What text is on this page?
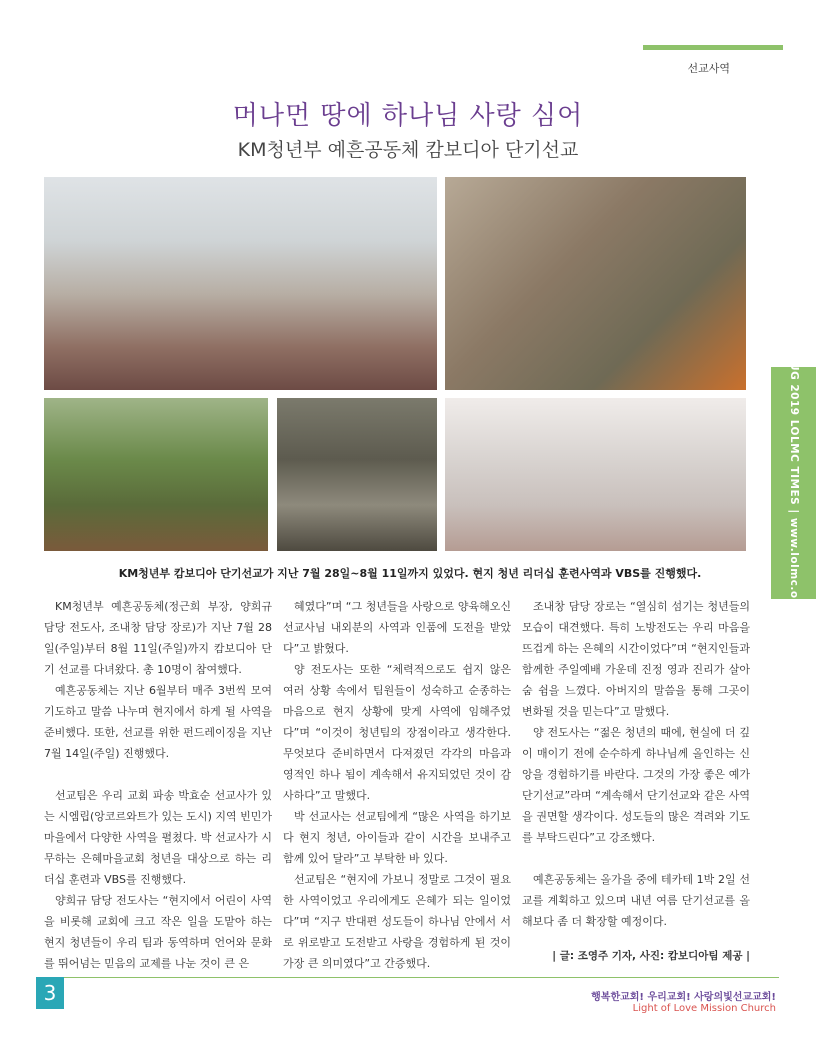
선교사역
머나먼 땅에 하나님 사랑 심어
KM청년부 예흔공동체 캄보디아 단기선교
AUG 2019 LOLMC TIMES | www.lolmc.org
KM청년부 캄보디아 단기선교가 지난 7월 28일~8월 11일까지 있었다. 현지 청년 리더십 훈련사역과 VBS를 진행했다.

KM청년부 예흔공동체(정근희 부장, 양희규 담당 전도사, 조내창 담당 장로)가 지난 7월 28일(주일)부터 8월 11일(주일)까지 캄보디아 단기 선교를 다녀왔다. 총 10명이 참여했다.

예흔공동체는 지난 6월부터 매주 3번씩 모여 기도하고 말씀 나누며 현지에서 하게 될 사역을 준비했다. 또한, 선교를 위한 펀드레이징을 지난 7월 14일(주일) 진행했다.

선교팀은 우리 교회 파송 박효순 선교사가 있는 시엠립(앙코르와트가 있는 도시) 지역 빈민가 마을에서 다양한 사역을 펼쳤다. 박 선교사가 시무하는 은혜마을교회 청년을 대상으로 하는 리더십 훈련과 VBS를 진행했다.

양희규 담당 전도사는 “현지에서 어린이 사역을 비롯해 교회에 크고 작은 일을 도맡아 하는 현지 청년들이 우리 팀과 동역하며 언어와 문화를 뛰어넘는 믿음의 교제를 나눈 것이 큰 은

혜였다”며 “그 청년들을 사랑으로 양육해오신 선교사님 내외분의 사역과 인품에 도전을 받았다”고 밝혔다.

양 전도사는 또한 “체력적으로도 쉽지 않은 여러 상황 속에서 팀원들이 성숙하고 순종하는 마음으로 현지 상황에 맞게 사역에 임해주었다”며 “이것이 청년팀의 장점이라고 생각한다. 무엇보다 준비하면서 다져졌던 각각의 마음과 영적인 하나 됨이 계속해서 유지되었던 것이 감사하다”고 말했다.

박 선교사는 선교팀에게 “많은 사역을 하기보다 현지 청년, 아이들과 같이 시간을 보내주고 함께 있어 달라”고 부탁한 바 있다.

선교팀은 “현지에 가보니 정말로 그것이 필요한 사역이었고 우리에게도 은혜가 되는 일이었다”며 “지구 반대편 성도들이 하나님 안에서 서로 위로받고 도전받고 사랑을 경험하게 된 것이 가장 큰 의미였다”고 간증했다.

조내창 담당 장로는 “열심히 섬기는 청년들의 모습이 대견했다. 특히 노방전도는 우리 마음을 뜨겁게 하는 은혜의 시간이었다”며 “현지인들과 함께한 주일예배 가운데 진정 영과 진리가 살아 숨 쉼을 느꼈다. 아버지의 말씀을 통해 그곳이 변화될 것을 믿는다”고 말했다.

양 전도사는 “젊은 청년의 때에, 현실에 더 깊이 매이기 전에 순수하게 하나님께 올인하는 신앙을 경험하기를 바란다. 그것의 가장 좋은 예가 단기선교”라며 “계속해서 단기선교와 같은 사역을 권면할 생각이다. 성도들의 많은 격려와 기도를 부탁드린다”고 강조했다.

예흔공동체는 올가을 중에 테카테 1박 2일 선교를 계획하고 있으며 내년 여름 단기선교를 올해보다 좀 더 확장할 예정이다.

| 글: 조영주 기자, 사진: 캄보디아팀 제공 |

3	행복한교회! 우리교회! 사랑의빛선교교회!
Light of Love Mission Church
